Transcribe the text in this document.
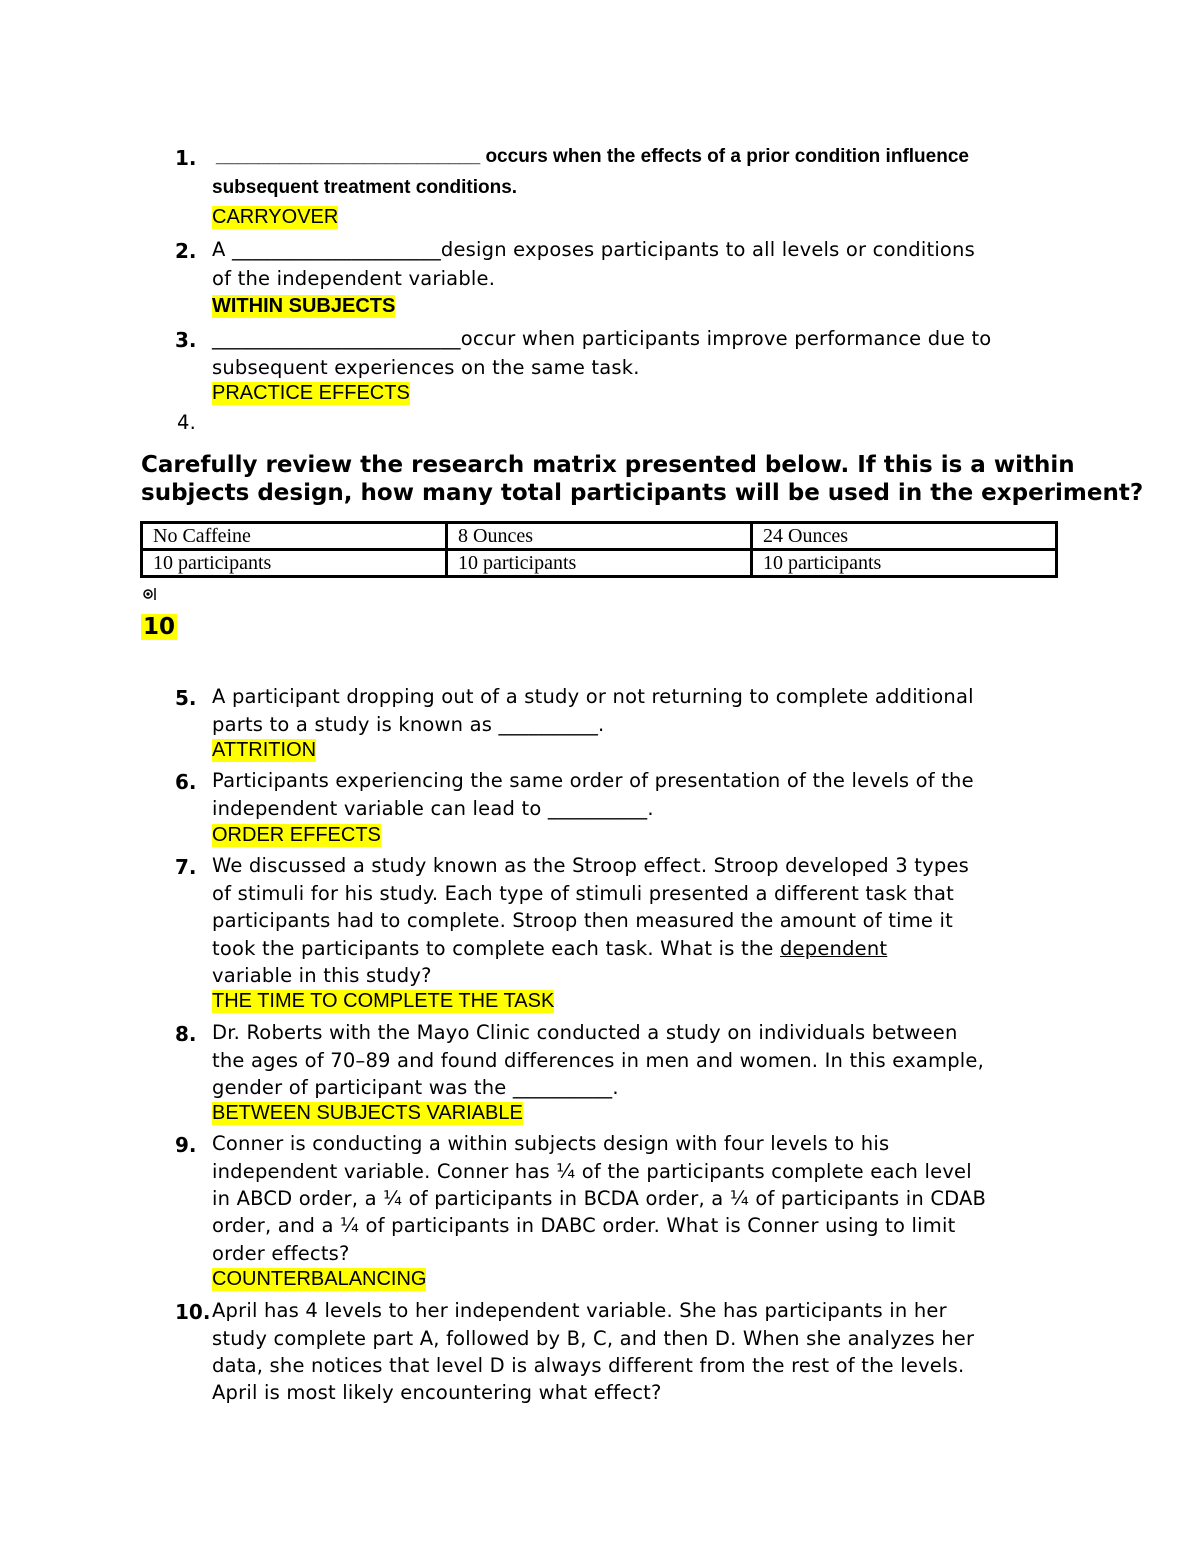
1. _________________________ occurs when the effects of a prior condition influence
subsequent treatment conditions.
CARRYOVER
2. A _____________________design exposes participants to all levels or conditions
of the independent variable.
WITHIN SUBJECTS
3. _________________________occur when participants improve performance due to
subsequent experiences on the same task.
PRACTICE EFFECTS
4.
Carefully review the research matrix presented below. If this is a within
subjects design, how many total participants will be used in the experiment?
No Caffeine	8 Ounces	24 Ounces
10 participants	10 participants	10 participants
10
5. A participant dropping out of a study or not returning to complete additional
parts to a study is known as __________.
ATTRITION
6. Participants experiencing the same order of presentation of the levels of the
independent variable can lead to __________.
ORDER EFFECTS
7. We discussed a study known as the Stroop effect. Stroop developed 3 types
of stimuli for his study. Each type of stimuli presented a different task that
participants had to complete. Stroop then measured the amount of time it
took the participants to complete each task. What is the dependent
variable in this study?
THE TIME TO COMPLETE THE TASK
8. Dr. Roberts with the Mayo Clinic conducted a study on individuals between
the ages of 70–89 and found differences in men and women. In this example,
gender of participant was the __________.
BETWEEN SUBJECTS VARIABLE
9. Conner is conducting a within subjects design with four levels to his
independent variable. Conner has ¼ of the participants complete each level
in ABCD order, a ¼ of participants in BCDA order, a ¼ of participants in CDAB
order, and a ¼ of participants in DABC order. What is Conner using to limit
order effects?
COUNTERBALANCING
10. April has 4 levels to her independent variable. She has participants in her
study complete part A, followed by B, C, and then D. When she analyzes her
data, she notices that level D is always different from the rest of the levels.
April is most likely encountering what effect?
